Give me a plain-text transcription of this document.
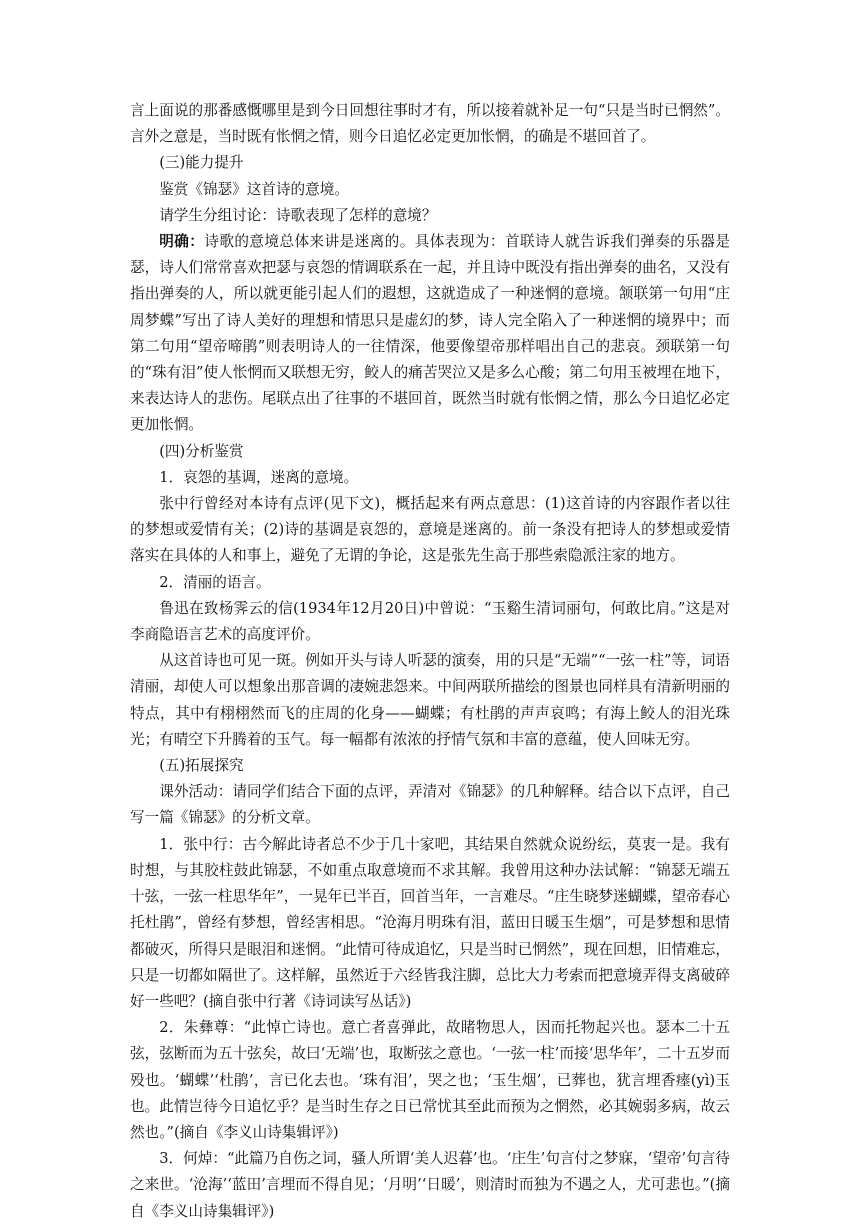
言上面说的那番感慨哪里是到今日回想往事时才有，所以接着就补足一句“只是当时已惘然”。言外之意是，当时既有怅惘之情，则今日追忆必定更加怅惘，的确是不堪回首了。

(三)能力提升

鉴赏《锦瑟》这首诗的意境。

请学生分组讨论：诗歌表现了怎样的意境？

明确：诗歌的意境总体来讲是迷离的。具体表现为：首联诗人就告诉我们弹奏的乐器是瑟，诗人们常常喜欢把瑟与哀怨的情调联系在一起，并且诗中既没有指出弹奏的曲名，又没有指出弹奏的人，所以就更能引起人们的遐想，这就造成了一种迷惘的意境。颔联第一句用“庄周梦蝶”写出了诗人美好的理想和情思只是虚幻的梦，诗人完全陷入了一种迷惘的境界中；而第二句用“望帝啼鹃”则表明诗人的一往情深，他要像望帝那样唱出自己的悲哀。颈联第一句的“珠有泪”使人怅惘而又联想无穷，鲛人的痛苦哭泣又是多么心酸；第二句用玉被埋在地下，来表达诗人的悲伤。尾联点出了往事的不堪回首，既然当时就有怅惘之情，那么今日追忆必定更加怅惘。

(四)分析鉴赏

1．哀怨的基调，迷离的意境。

张中行曾经对本诗有点评(见下文)，概括起来有两点意思：(1)这首诗的内容跟作者以往的梦想或爱情有关；(2)诗的基调是哀怨的，意境是迷离的。前一条没有把诗人的梦想或爱情落实在具体的人和事上，避免了无谓的争论，这是张先生高于那些索隐派注家的地方。

2．清丽的语言。

鲁迅在致杨霁云的信(1934年12月20日)中曾说：“玉谿生清词丽句，何敢比肩。”这是对李商隐语言艺术的高度评价。

从这首诗也可见一斑。例如开头与诗人听瑟的演奏，用的只是“无端”“一弦一柱”等，词语清丽，却使人可以想象出那音调的凄婉悲怨来。中间两联所描绘的图景也同样具有清新明丽的特点，其中有栩栩然而飞的庄周的化身——蝴蝶；有杜鹃的声声哀鸣；有海上鲛人的泪光珠光；有晴空下升腾着的玉气。每一幅都有浓浓的抒情气氛和丰富的意蕴，使人回味无穷。

(五)拓展探究

课外活动：请同学们结合下面的点评，弄清对《锦瑟》的几种解释。结合以下点评，自己写一篇《锦瑟》的分析文章。

1．张中行：古今解此诗者总不少于几十家吧，其结果自然就众说纷纭，莫衷一是。我有时想，与其胶柱鼓此锦瑟，不如重点取意境而不求其解。我曾用这种办法试解：“锦瑟无端五十弦，一弦一柱思华年”，一晃年已半百，回首当年，一言难尽。“庄生晓梦迷蝴蝶，望帝春心托杜鹃”，曾经有梦想，曾经害相思。“沧海月明珠有泪，蓝田日暖玉生烟”，可是梦想和思情都破灭，所得只是眼泪和迷惘。“此情可待成追忆，只是当时已惘然”，现在回想，旧情难忘，只是一切都如隔世了。这样解，虽然近于六经皆我注脚，总比大力考索而把意境弄得支离破碎好一些吧？(摘自张中行著《诗词读写丛话》)

2．朱彝尊：“此悼亡诗也。意亡者喜弹此，故睹物思人，因而托物起兴也。瑟本二十五弦，弦断而为五十弦矣，故曰‘无端’也，取断弦之意也。‘一弦一柱’而接‘思华年’，二十五岁而殁也。‘蝴蝶’‘杜鹃’，言已化去也。‘珠有泪’，哭之也；‘玉生烟’，已葬也，犹言埋香瘗(yì)玉也。此情岂待今日追忆乎？是当时生存之日已常忧其至此而预为之惘然，必其婉弱多病，故云然也。”(摘自《李义山诗集辑评》)

3．何焯：“此篇乃自伤之词，骚人所谓‘美人迟暮’也。‘庄生’句言付之梦寐，‘望帝’句言待之来世。‘沧海’‘蓝田’言埋而不得自见；‘月明’‘日暖’，则清时而独为不遇之人，尤可悲也。”(摘自《李义山诗集辑评》)
